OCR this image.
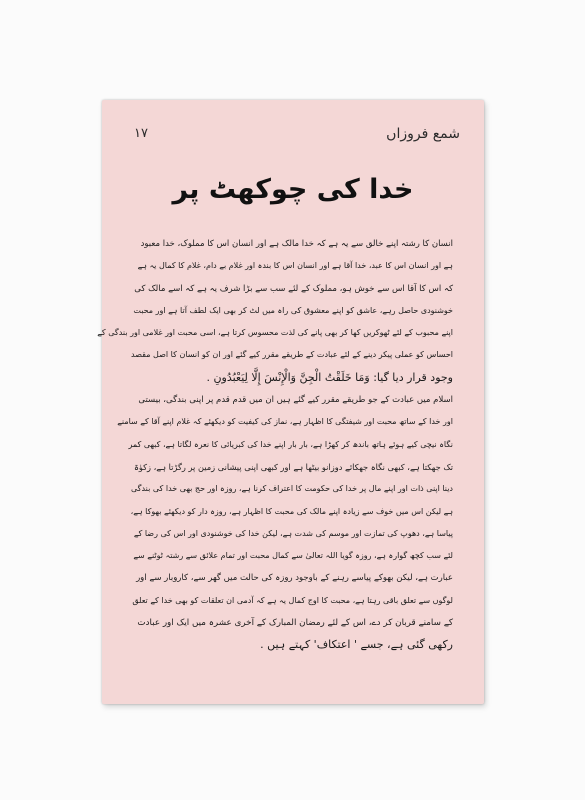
شمع فروزاں
۱۷
خدا کی چوکھٹ پر
انسان کا رشتہ اپنے خالق سے یہ ہے کہ خدا مالک ہے اور انسان اس کا مملوک، خدا معبود
ہے اور انسان اس کا عبد، خدا آقا ہے اور انسان اس کا بندہ اور غلام بے دام، غلام کا کمال یہ ہے
کہ اس کا آقا اس سے خوش ہو، مملوک کے لئے سب سے بڑا شرف یہ ہے کہ اسے مالک کی
خوشنودی حاصل رہے، عاشق کو اپنے معشوق کی راہ میں لٹ کر بھی ایک لطف آتا ہے اور محبت
اپنے محبوب کے لئے ٹھوکریں کھا کر بھی پانے کی لذت محسوس کرتا ہے، اسی محبت اور غلامی اور بندگی کے
احساس کو عملی پیکر دینے کے لئے عبادت کے طریقے مقرر کیے گئے اور ان کو انسان کا اصل مقصد
وجود قرار دیا گیا: وَمَا خَلَقْتُ الْجِنَّ وَالْإِنْسَ إِلَّا لِيَعْبُدُونِ .
اسلام میں عبادت کے جو طریقے مقرر کیے گئے ہیں ان میں قدم قدم پر اپنی بندگی، بیستی
اور خدا کے ساتھ محبت اور شیفتگی کا اظہار ہے، نماز کی کیفیت کو دیکھئے کہ غلام اپنے آقا کے سامنے
نگاہ نیچی کیے ہوئے ہاتھ باندھ کر کھڑا ہے، بار بار اپنے خدا کی کبریائی کا نعرہ لگاتا ہے، کبھی کمر
تک جھکتا ہے، کبھی نگاہ جھکائے دوزانو بیٹھا ہے اور کبھی اپنی پیشانی زمین پر رگڑتا ہے، زکوٰۃ
دینا اپنی ذات اور اپنے مال پر خدا کی حکومت کا اعتراف کرنا ہے، روزہ اور حج بھی خدا کی بندگی
ہے لیکن اس میں خوف سے زیادہ اپنے مالک کی محبت کا اظہار ہے، روزہ دار کو دیکھئے بھوکا ہے،
پیاسا ہے، دھوپ کی تمازت اور موسم کی شدت ہے، لیکن خدا کی خوشنودی اور اس کی رضا کے
لئے سب کچھ گوارہ ہے، روزہ گویا اللہ تعالیٰ سے کمال محبت اور تمام علائق سے رشتہ ٹوٹنے سے
عبارت ہے، لیکن بھوکے پیاسے رہنے کے باوجود روزہ کی حالت میں گھر سے، کاروبار سے اور
لوگوں سے تعلق باقی رہتا ہے، محبت کا اوج کمال یہ ہے کہ آدمی ان تعلقات کو بھی خدا کے تعلق
کے سامنے قربان کر دے، اس کے لئے رمضان المبارک کے آخری عشرہ میں ایک اور عبادت
رکھی گئی ہے، جسے ' اعتکاف' کہتے ہیں .
